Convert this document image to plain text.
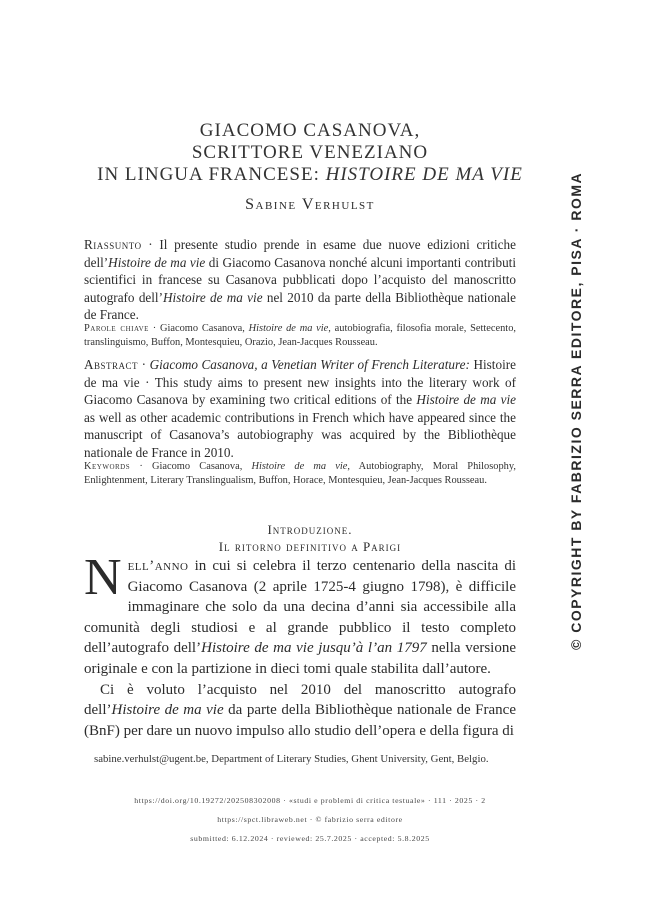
GIACOMO CASANOVA,
SCRITTORE VENEZIANO
IN LINGUA FRANCESE: HISTOIRE DE MA VIE
Sabine Verhulst
Riassunto · Il presente studio prende in esame due nuove edizioni critiche dell’Histoire de ma vie di Giacomo Casanova nonché alcuni importanti contributi scientifici in francese su Casanova pubblicati dopo l’acquisto del manoscritto autografo dell’Histoire de ma vie nel 2010 da parte della Bibliothèque nationale de France.
Parole chiave · Giacomo Casanova, Histoire de ma vie, autobiografia, filosofia morale, Settecento, translinguismo, Buffon, Montesquieu, Orazio, Jean-Jacques Rousseau.
Abstract · Giacomo Casanova, a Venetian Writer of French Literature: Histoire de ma vie · This study aims to present new insights into the literary work of Giacomo Casanova by examining two critical editions of the Histoire de ma vie as well as other academic contributions in French which have appeared since the manuscript of Casanova’s autobiography was acquired by the Bibliothèque nationale de France in 2010.
Keywords · Giacomo Casanova, Histoire de ma vie, Autobiography, Moral Philosophy, Enlightenment, Literary Translingualism, Buffon, Horace, Montesquieu, Jean-Jacques Rousseau.
Introduzione.
Il ritorno definitivo a Parigi

Nell’anno in cui si celebra il terzo centenario della nascita di Giacomo Casanova (2 aprile 1725-4 giugno 1798), è difficile immaginare che solo da una decina d’anni sia accessibile alla comunità degli studiosi e al grande pubblico il testo completo dell’autografo dell’Histoire de ma vie jusqu’à l’an 1797 nella versione originale e con la partizione in dieci tomi quale stabilita dall’autore.

Ci è voluto l’acquisto nel 2010 del manoscritto autografo dell’Histoire de ma vie da parte della Bibliothèque nationale de France (BnF) per dare un nuovo impulso allo studio dell’opera e della figura di

sabine.verhulst@ugent.be, Department of Literary Studies, Ghent University, Gent, Belgio.
https://doi.org/10.19272/202508302008 · «studi e problemi di critica testuale» · 111 · 2025 · 2
https://spct.libraweb.net · © fabrizio serra editore
submitted: 6.12.2024 · reviewed: 25.7.2025 · accepted: 5.8.2025
© COPYRIGHT BY FABRIZIO SERRA EDITORE, PISA · ROMA
